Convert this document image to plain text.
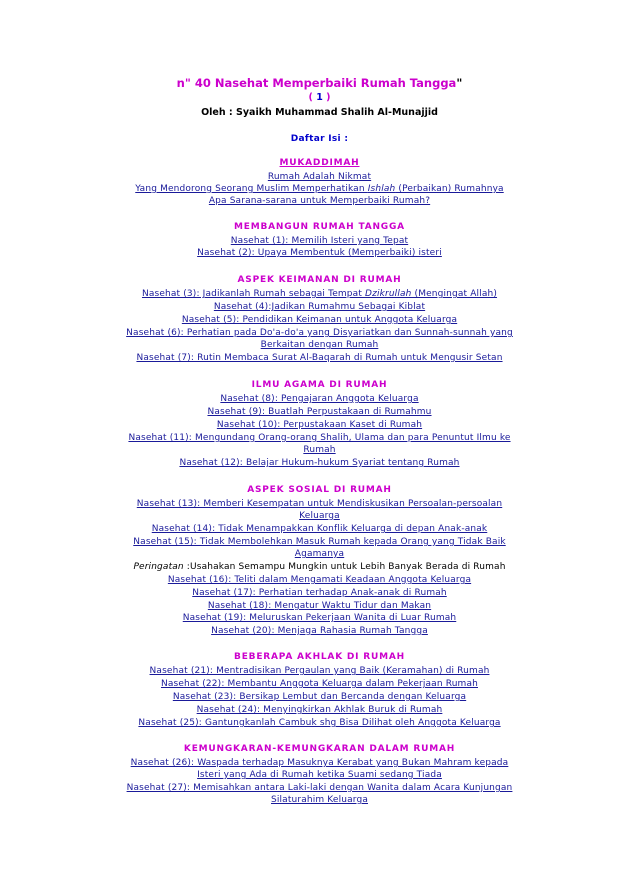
n" 40 Nasehat Memperbaiki Rumah Tangga"
( 1 )
Oleh : Syaikh Muhammad Shalih Al-Munajjid
Daftar Isi :
MUKADDIMAH
Rumah Adalah Nikmat
Yang Mendorong Seorang Muslim Memperhatikan Ishlah (Perbaikan) Rumahnya
Apa Sarana-sarana untuk Memperbaiki Rumah?
MEMBANGUN RUMAH TANGGA
Nasehat (1): Memilih Isteri yang Tepat
Nasehat (2): Upaya Membentuk (Memperbaiki) isteri
ASPEK KEIMANAN DI RUMAH
Nasehat (3): Jadikanlah Rumah sebagai Tempat Dzikrullah (Mengingat Allah)
Nasehat (4):Jadikan Rumahmu Sebagai Kiblat
Nasehat (5): Pendidikan Keimanan untuk Anggota Keluarga
Nasehat (6): Perhatian pada Do'a-do'a yang Disyariatkan dan Sunnah-sunnah yang
Berkaitan dengan Rumah
Nasehat (7): Rutin Membaca Surat Al-Baqarah di Rumah untuk Mengusir Setan
ILMU AGAMA DI RUMAH
Nasehat (8): Pengajaran Anggota Keluarga
Nasehat (9): Buatlah Perpustakaan di Rumahmu
Nasehat (10): Perpustakaan Kaset di Rumah
Nasehat (11): Mengundang Orang-orang Shalih, Ulama dan para Penuntut Ilmu ke
Rumah
Nasehat (12): Belajar Hukum-hukum Syariat tentang Rumah
ASPEK SOSIAL DI RUMAH
Nasehat (13): Memberi Kesempatan untuk Mendiskusikan Persoalan-persoalan
Keluarga
Nasehat (14): Tidak Menampakkan Konflik Keluarga di depan Anak-anak
Nasehat (15): Tidak Membolehkan Masuk Rumah kepada Orang yang Tidak Baik
Agamanya
Peringatan :Usahakan Semampu Mungkin untuk Lebih Banyak Berada di Rumah
Nasehat (16): Teliti dalam Mengamati Keadaan Anggota Keluarga
Nasehat (17): Perhatian terhadap Anak-anak di Rumah
Nasehat (18): Mengatur Waktu Tidur dan Makan
Nasehat (19): Meluruskan Pekerjaan Wanita di Luar Rumah
Nasehat (20): Menjaga Rahasia Rumah Tangga
BEBERAPA AKHLAK DI RUMAH
Nasehat (21): Mentradisikan Pergaulan yang Baik (Keramahan) di Rumah
Nasehat (22): Membantu Anggota Keluarga dalam Pekerjaan Rumah
Nasehat (23): Bersikap Lembut dan Bercanda dengan Keluarga
Nasehat (24): Menyingkirkan Akhlak Buruk di Rumah
Nasehat (25): Gantungkanlah Cambuk shg Bisa Dilihat oleh Anggota Keluarga
KEMUNGKARAN-KEMUNGKARAN DALAM RUMAH
Nasehat (26): Waspada terhadap Masuknya Kerabat yang Bukan Mahram kepada
Isteri yang Ada di Rumah ketika Suami sedang Tiada
Nasehat (27): Memisahkan antara Laki-laki dengan Wanita dalam Acara Kunjungan
Silaturahim Keluarga
